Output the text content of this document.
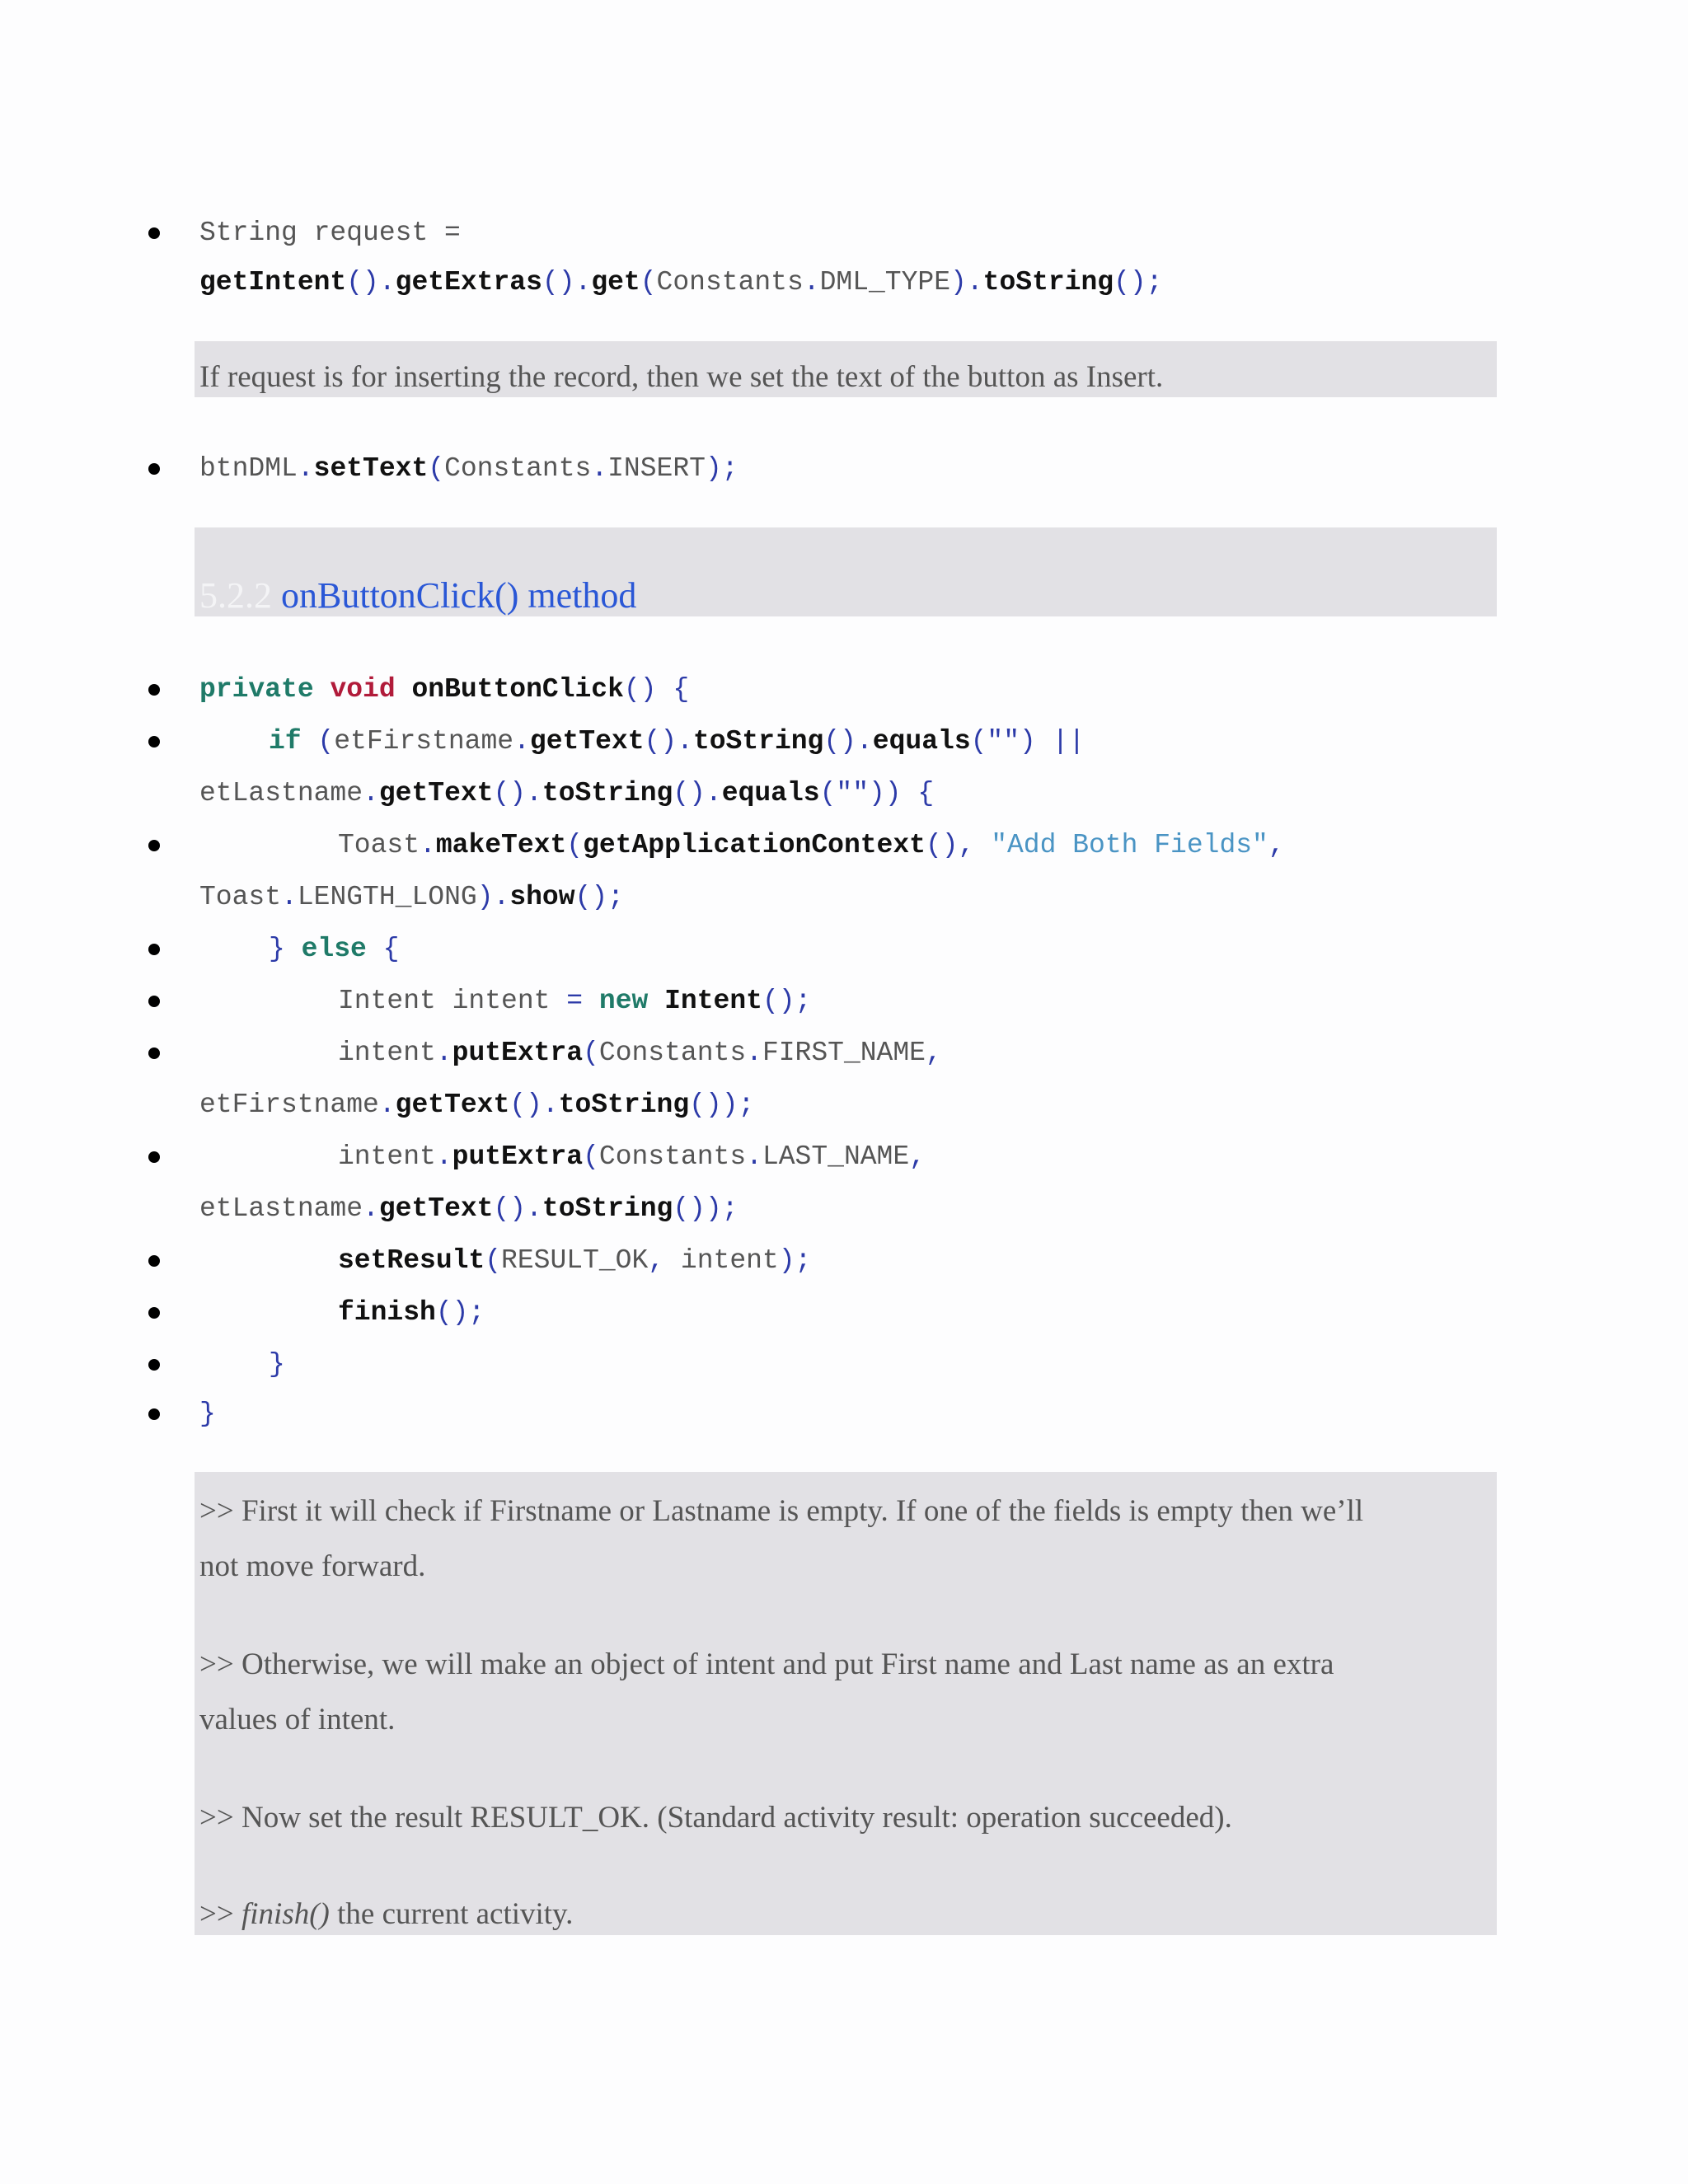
String request =
getIntent().getExtras().get(Constants.DML_TYPE).toString();
If request is for inserting the record, then we set the text of the button as Insert.
btnDML.setText(Constants.INSERT);
5.2.2 onButtonClick() method
private void onButtonClick() {
if (etFirstname.getText().toString().equals("") ||
etLastname.getText().toString().equals("")) {
Toast.makeText(getApplicationContext(), "Add Both Fields",
Toast.LENGTH_LONG).show();
} else {
Intent intent = new Intent();
intent.putExtra(Constants.FIRST_NAME,
etFirstname.getText().toString());
intent.putExtra(Constants.LAST_NAME,
etLastname.getText().toString());
setResult(RESULT_OK, intent);
finish();
}
}
>> First it will check if Firstname or Lastname is empty. If one of the fields is empty then we’ll
not move forward.
>> Otherwise, we will make an object of intent and put First name and Last name as an extra
values of intent.
>> Now set the result RESULT_OK. (Standard activity result: operation succeeded).
>> finish() the current activity.
